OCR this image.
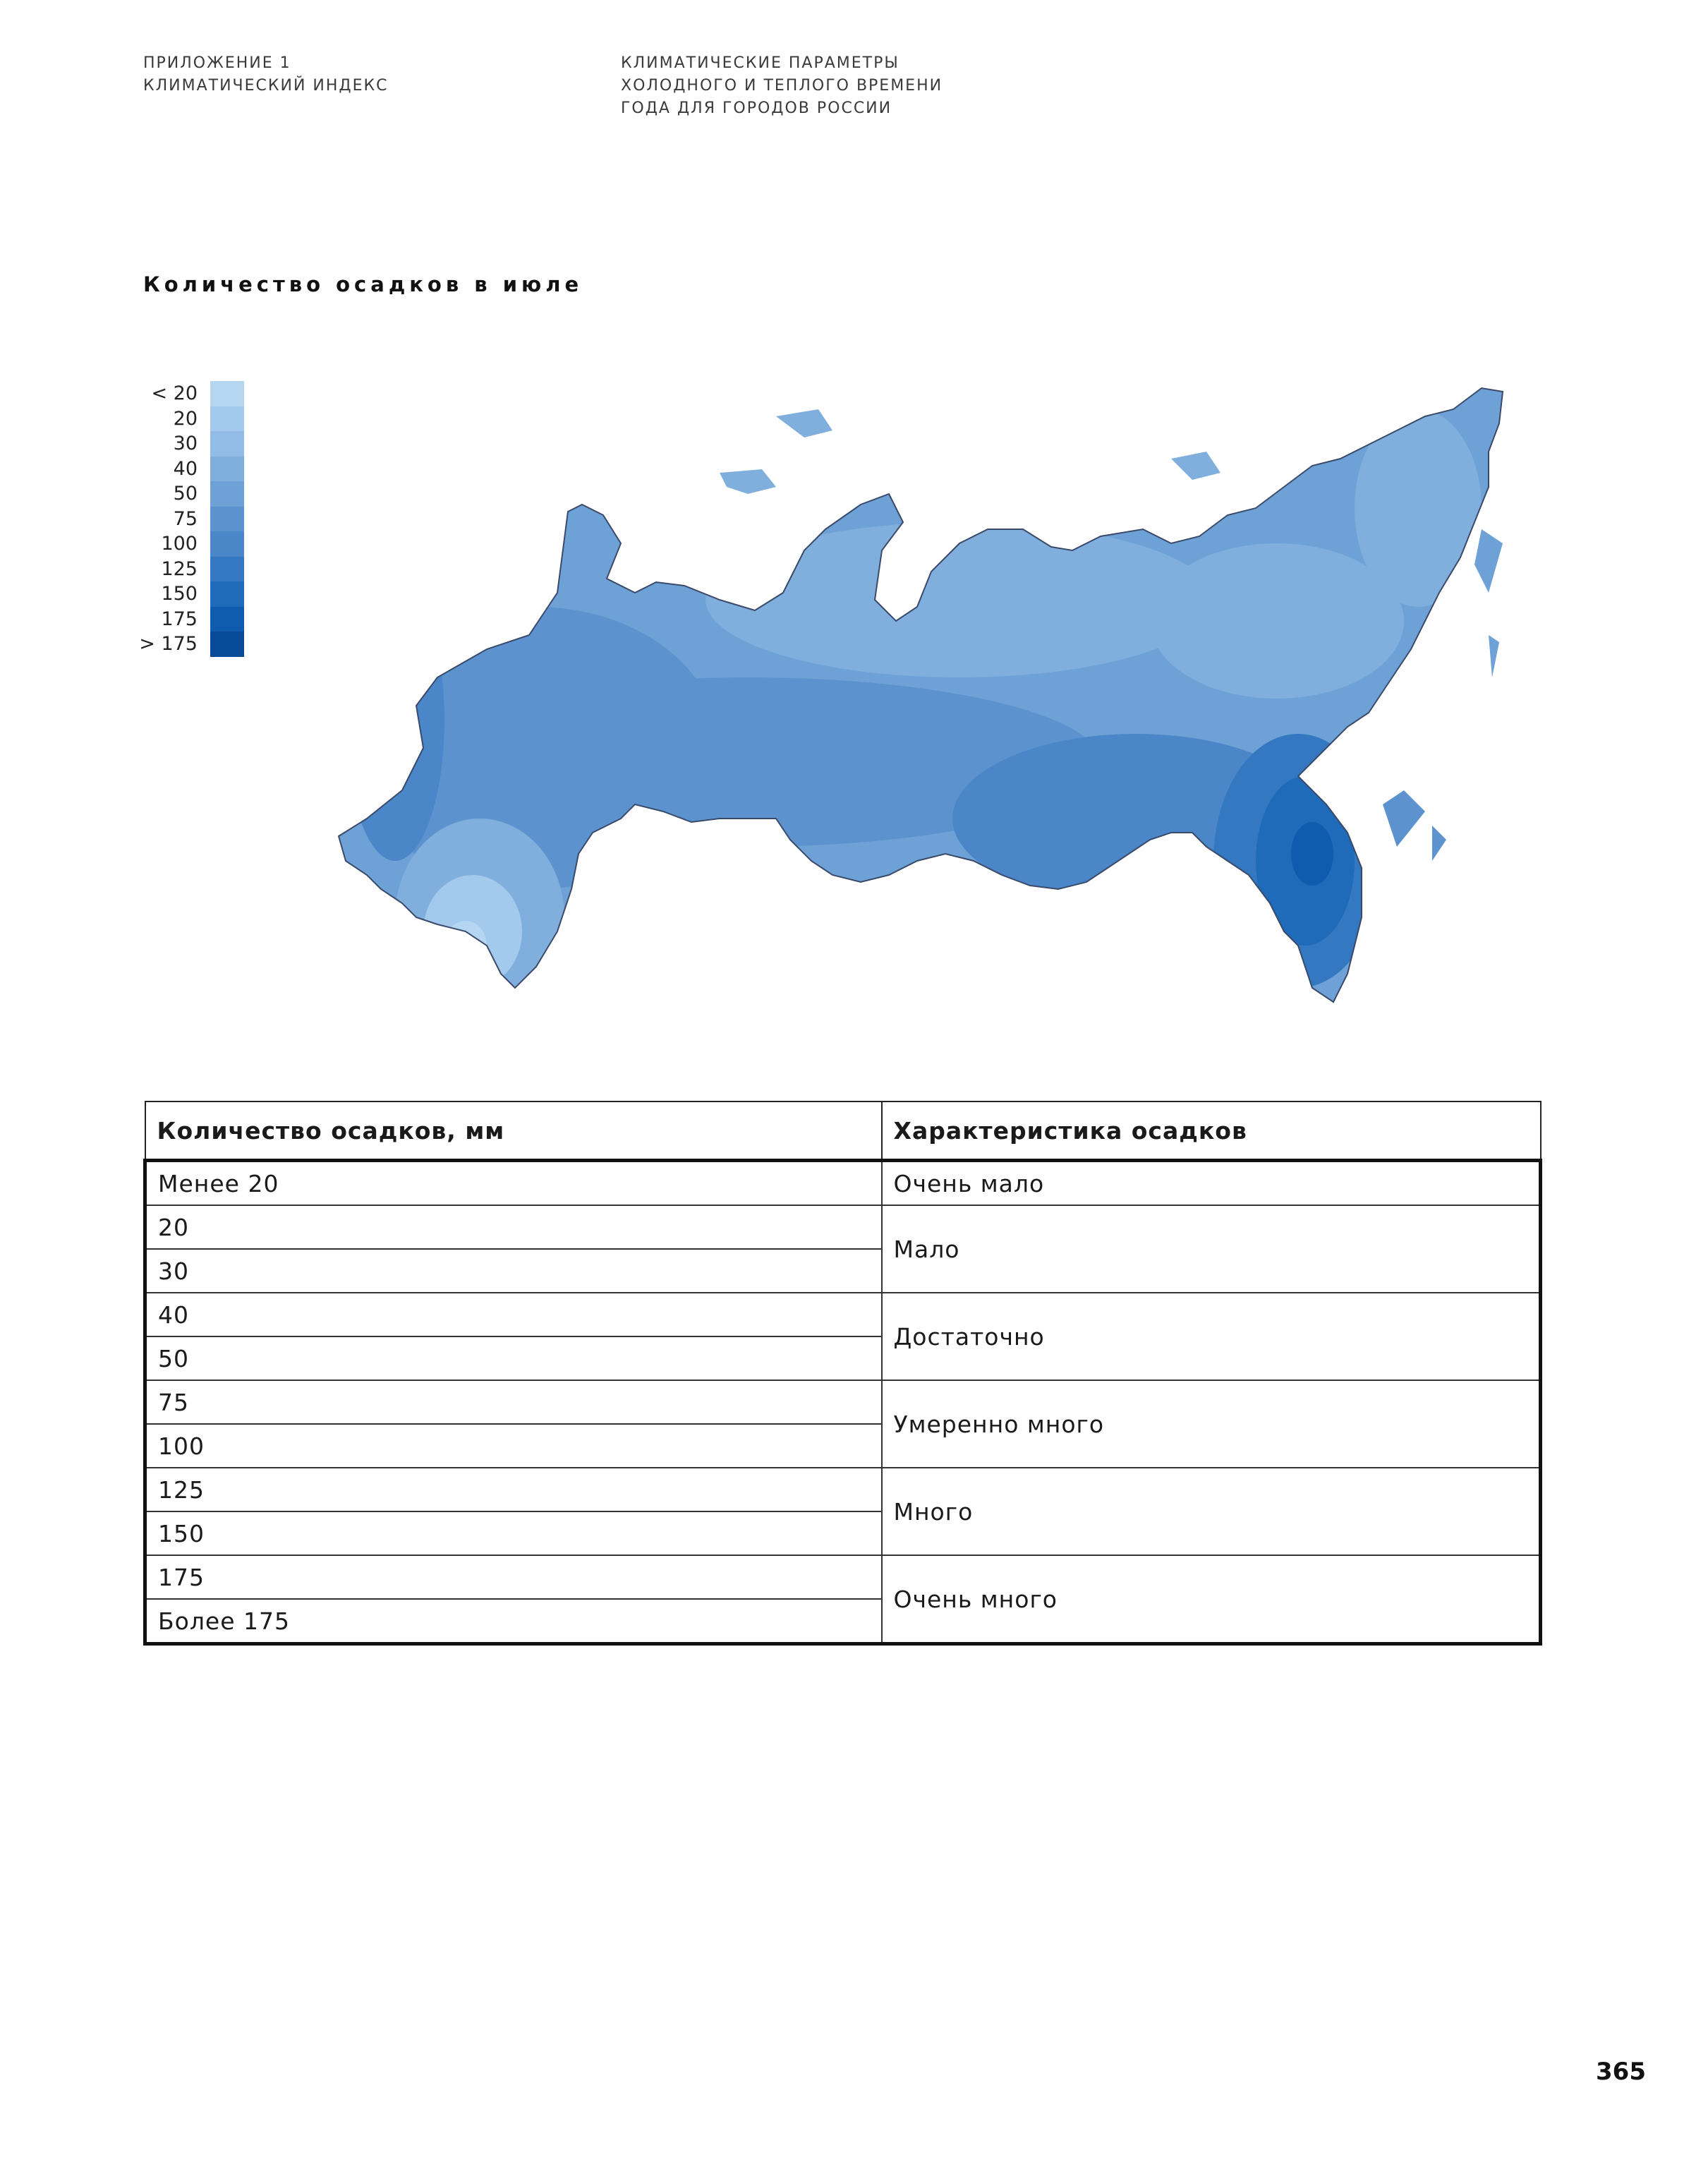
ПРИЛОЖЕНИЕ 1
КЛИМАТИЧЕСКИЙ ИНДЕКС
КЛИМАТИЧЕСКИЕ ПАРАМЕТРЫ
ХОЛОДНОГО И ТЕПЛОГО ВРЕМЕНИ
ГОДА ДЛЯ ГОРОДОВ РОССИИ
Количество осадков в июле
< 20
20
30
40
50
75
100
125
150
175
> 175
Количество осадков, мм	Характеристика осадков
Менее 20	Очень мало
20	Мало
30	
40	Достаточно
50	
75	Умеренно много
100	
125	Много
150	
175	Очень много
Более 175	
365
